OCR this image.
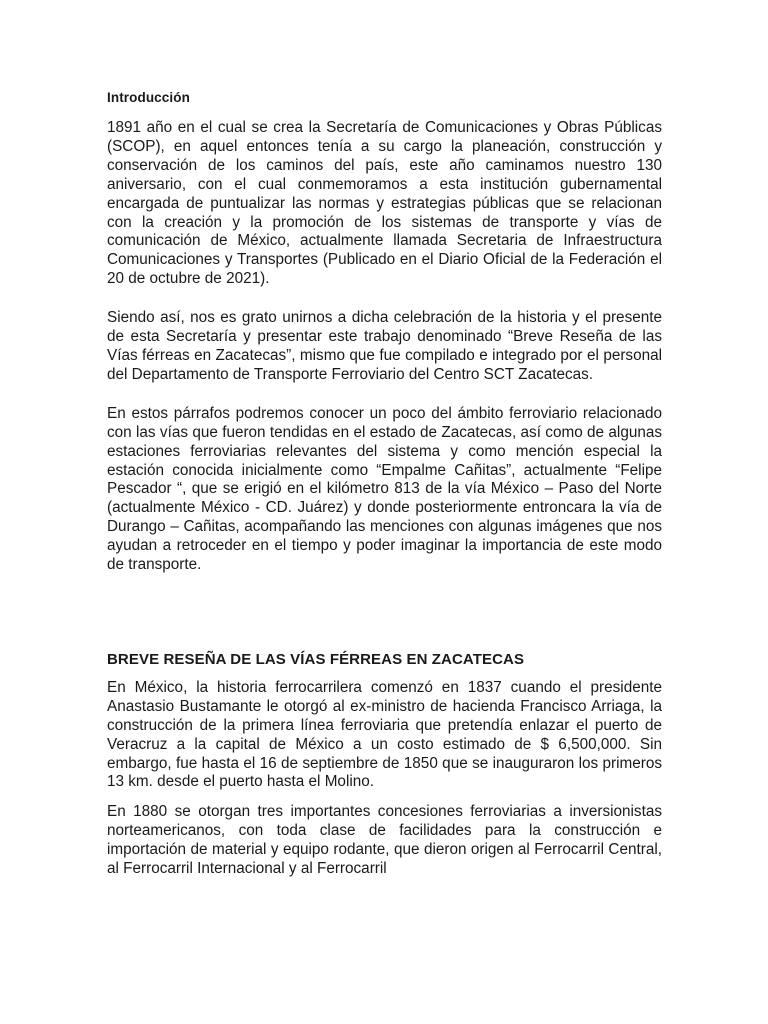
Introducción

1891 año en el cual se crea la Secretaría de Comunicaciones y Obras Públicas (SCOP), en aquel entonces tenía a su cargo la planeación, construcción y conservación de los caminos del país, este año caminamos nuestro 130 aniversario, con el cual conmemoramos a esta institución gubernamental encargada de puntualizar las normas y estrategias públicas que se relacionan con la creación y la promoción de los sistemas de transporte y vías de comunicación de México, actualmente llamada Secretaria de Infraestructura Comunicaciones y Transportes (Publicado en el Diario Oficial de la Federación el 20 de octubre de 2021).

Siendo así, nos es grato unirnos a dicha celebración de la historia y el presente de esta Secretaría y presentar este trabajo denominado “Breve Reseña de las Vías férreas en Zacatecas”, mismo que fue compilado e integrado por el personal del Departamento de Transporte Ferroviario del Centro SCT Zacatecas.

En estos párrafos podremos conocer un poco del ámbito ferroviario relacionado con las vías que fueron tendidas en el estado de Zacatecas, así como de algunas estaciones ferroviarias relevantes del sistema y como mención especial la estación conocida inicialmente como “Empalme Cañitas”, actualmente “Felipe Pescador “, que se erigió en el kilómetro 813 de la vía México – Paso del Norte (actualmente México - CD. Juárez) y donde posteriormente entroncara la vía de Durango – Cañitas, acompañando las menciones con algunas imágenes que nos ayudan a retroceder en el tiempo y poder imaginar la importancia de este modo de transporte.

BREVE RESEÑA DE LAS VÍAS FÉRREAS EN ZACATECAS

En México, la historia ferrocarrilera comenzó en 1837 cuando el presidente Anastasio Bustamante le otorgó al ex-ministro de hacienda Francisco Arriaga, la construcción de la primera línea ferroviaria que pretendía enlazar el puerto de Veracruz a la capital de México a un costo estimado de $ 6,500,000. Sin embargo, fue hasta el 16 de septiembre de 1850 que se inauguraron los primeros 13 km. desde el puerto hasta el Molino.

En 1880 se otorgan tres importantes concesiones ferroviarias a inversionistas norteamericanos, con toda clase de facilidades para la construcción e importación de material y equipo rodante, que dieron origen al Ferrocarril Central, al Ferrocarril Internacional y al Ferrocarril
